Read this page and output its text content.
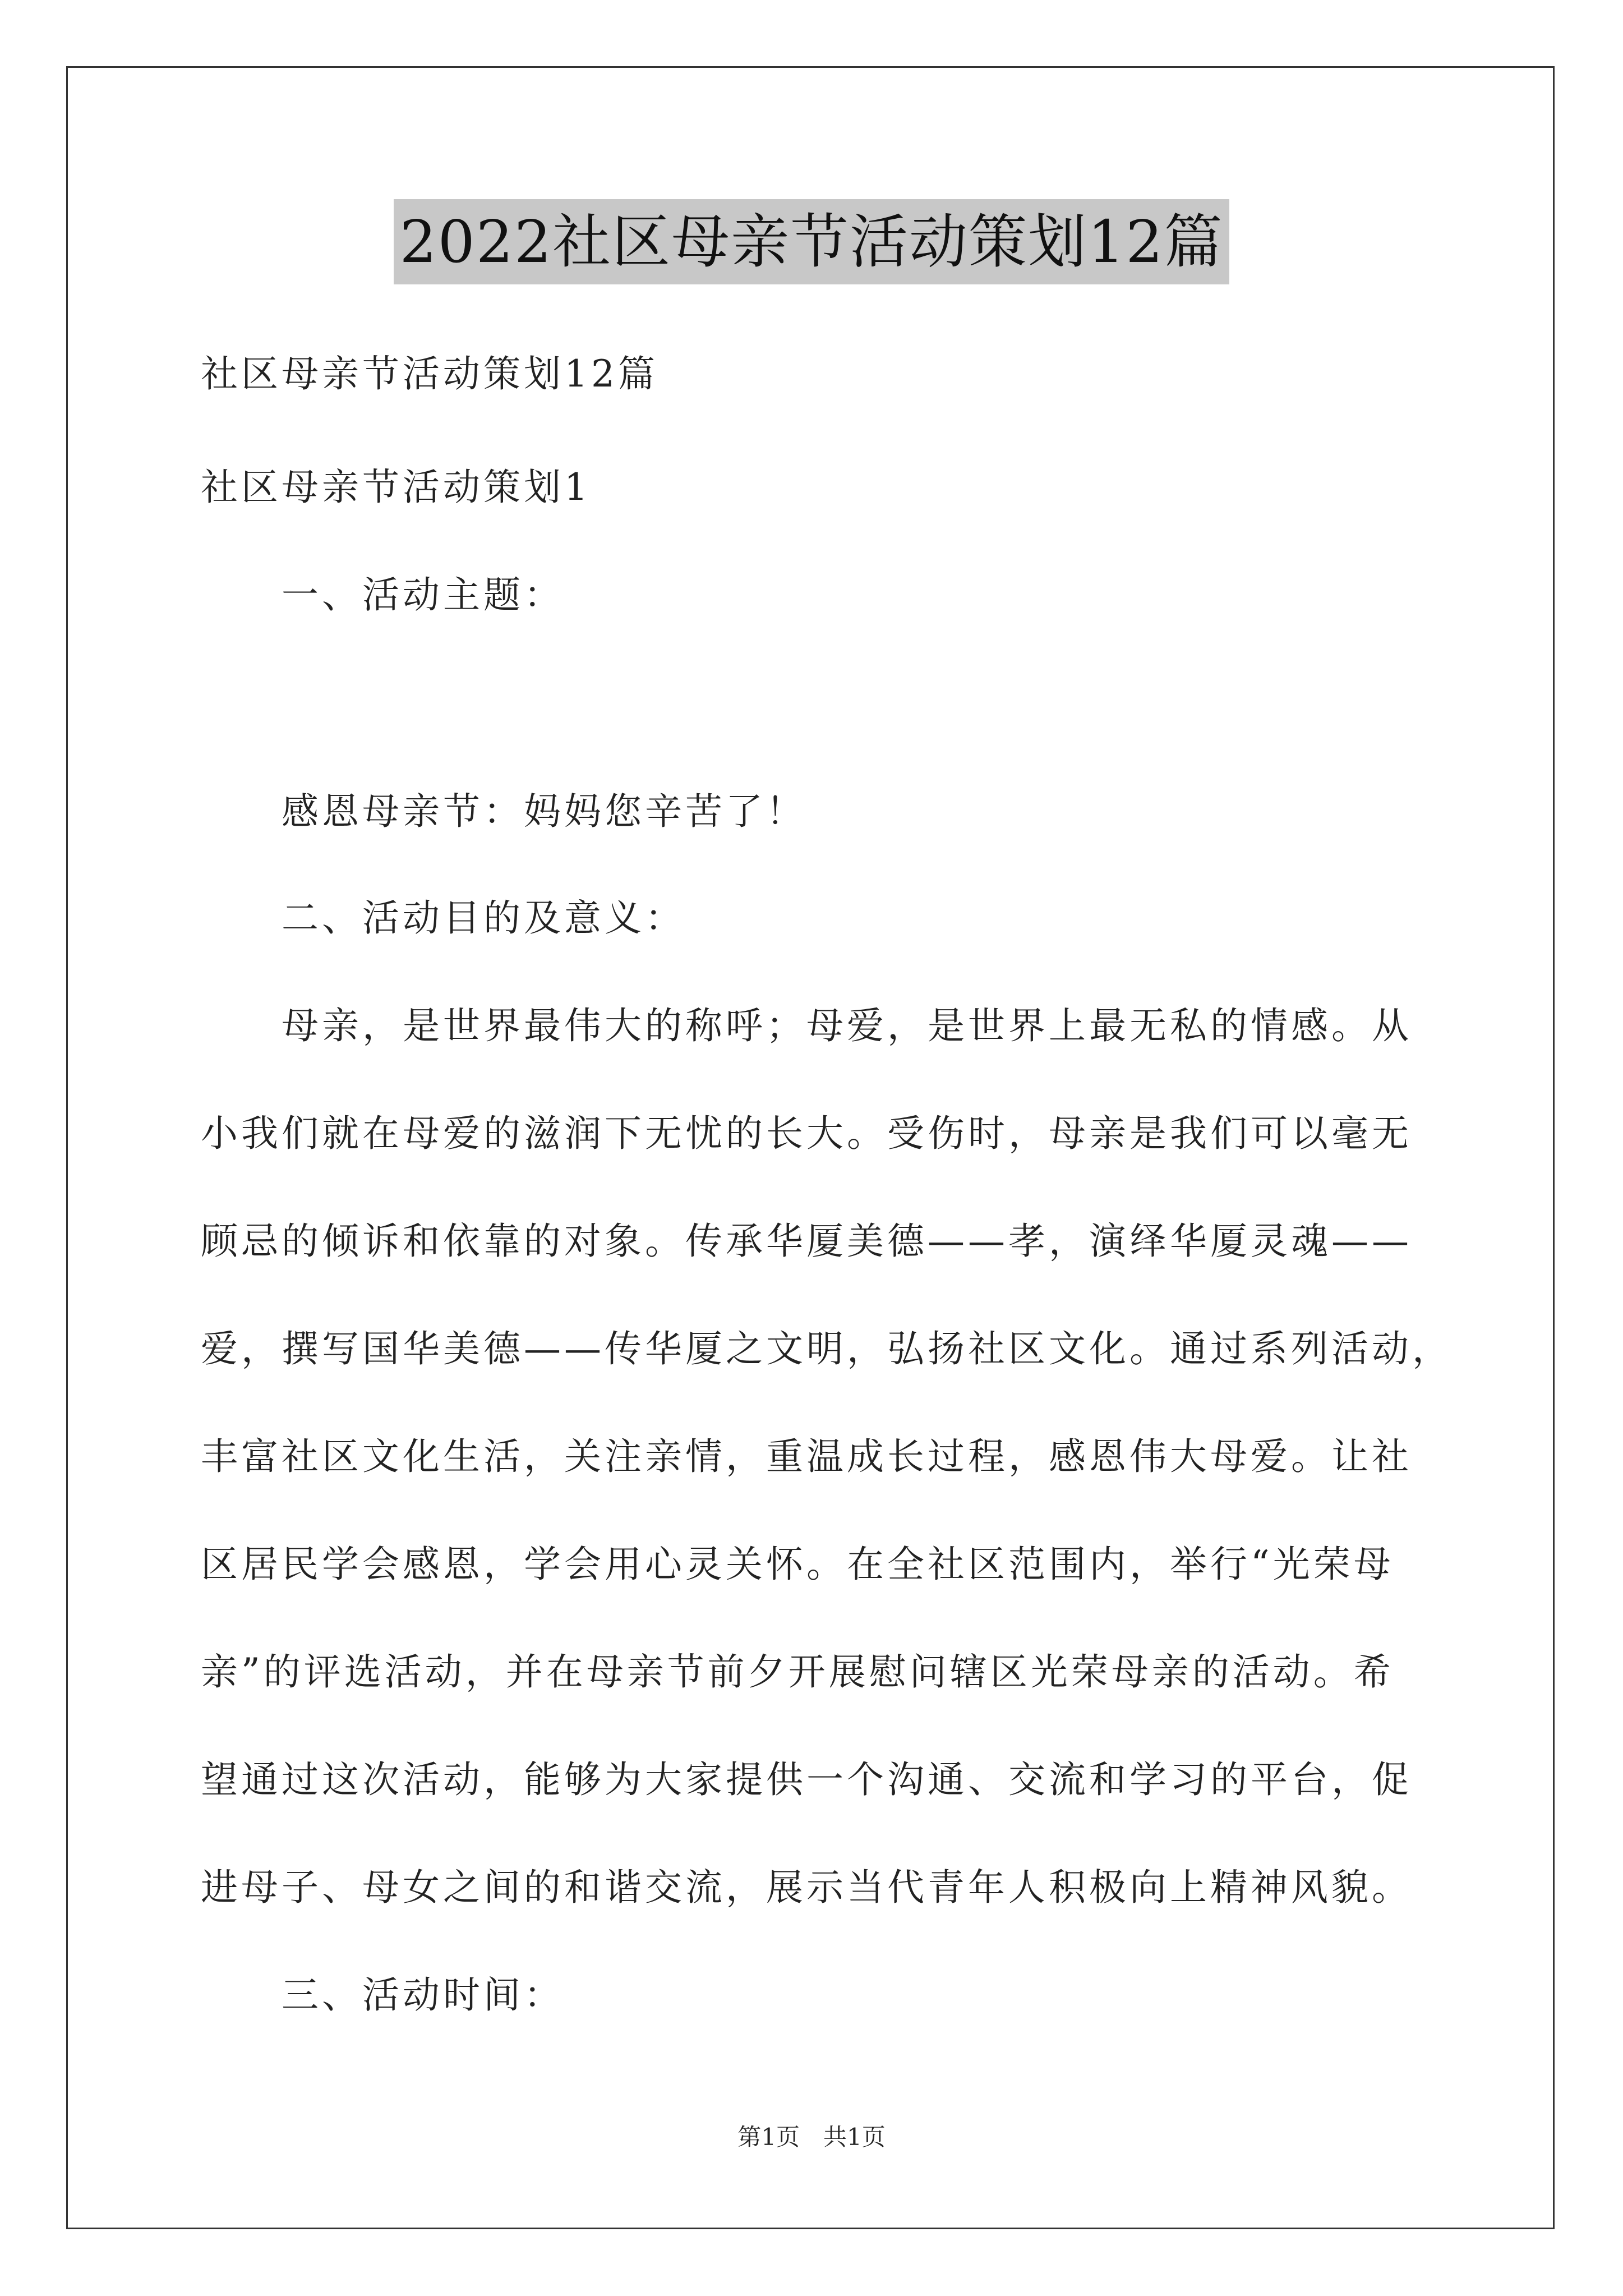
2022社区母亲节活动策划12篇
社区母亲节活动策划12篇
社区母亲节活动策划1
一、活动主题：
感恩母亲节：妈妈您辛苦了！
二、活动目的及意义：
母亲，是世界最伟大的称呼；母爱，是世界上最无私的情感。从
小我们就在母爱的滋润下无忧的长大。受伤时，母亲是我们可以毫无
顾忌的倾诉和依靠的对象。传承华厦美德——孝，演绎华厦灵魂——
爱，撰写国华美德——传华厦之文明，弘扬社区文化。通过系列活动，
丰富社区文化生活，关注亲情，重温成长过程，感恩伟大母爱。让社
区居民学会感恩，学会用心灵关怀。在全社区范围内，举行“光荣母
亲”的评选活动，并在母亲节前夕开展慰问辖区光荣母亲的活动。希
望通过这次活动，能够为大家提供一个沟通、交流和学习的平台，促
进母子、母女之间的和谐交流，展示当代青年人积极向上精神风貌。
三、活动时间：
第1页　共1页
